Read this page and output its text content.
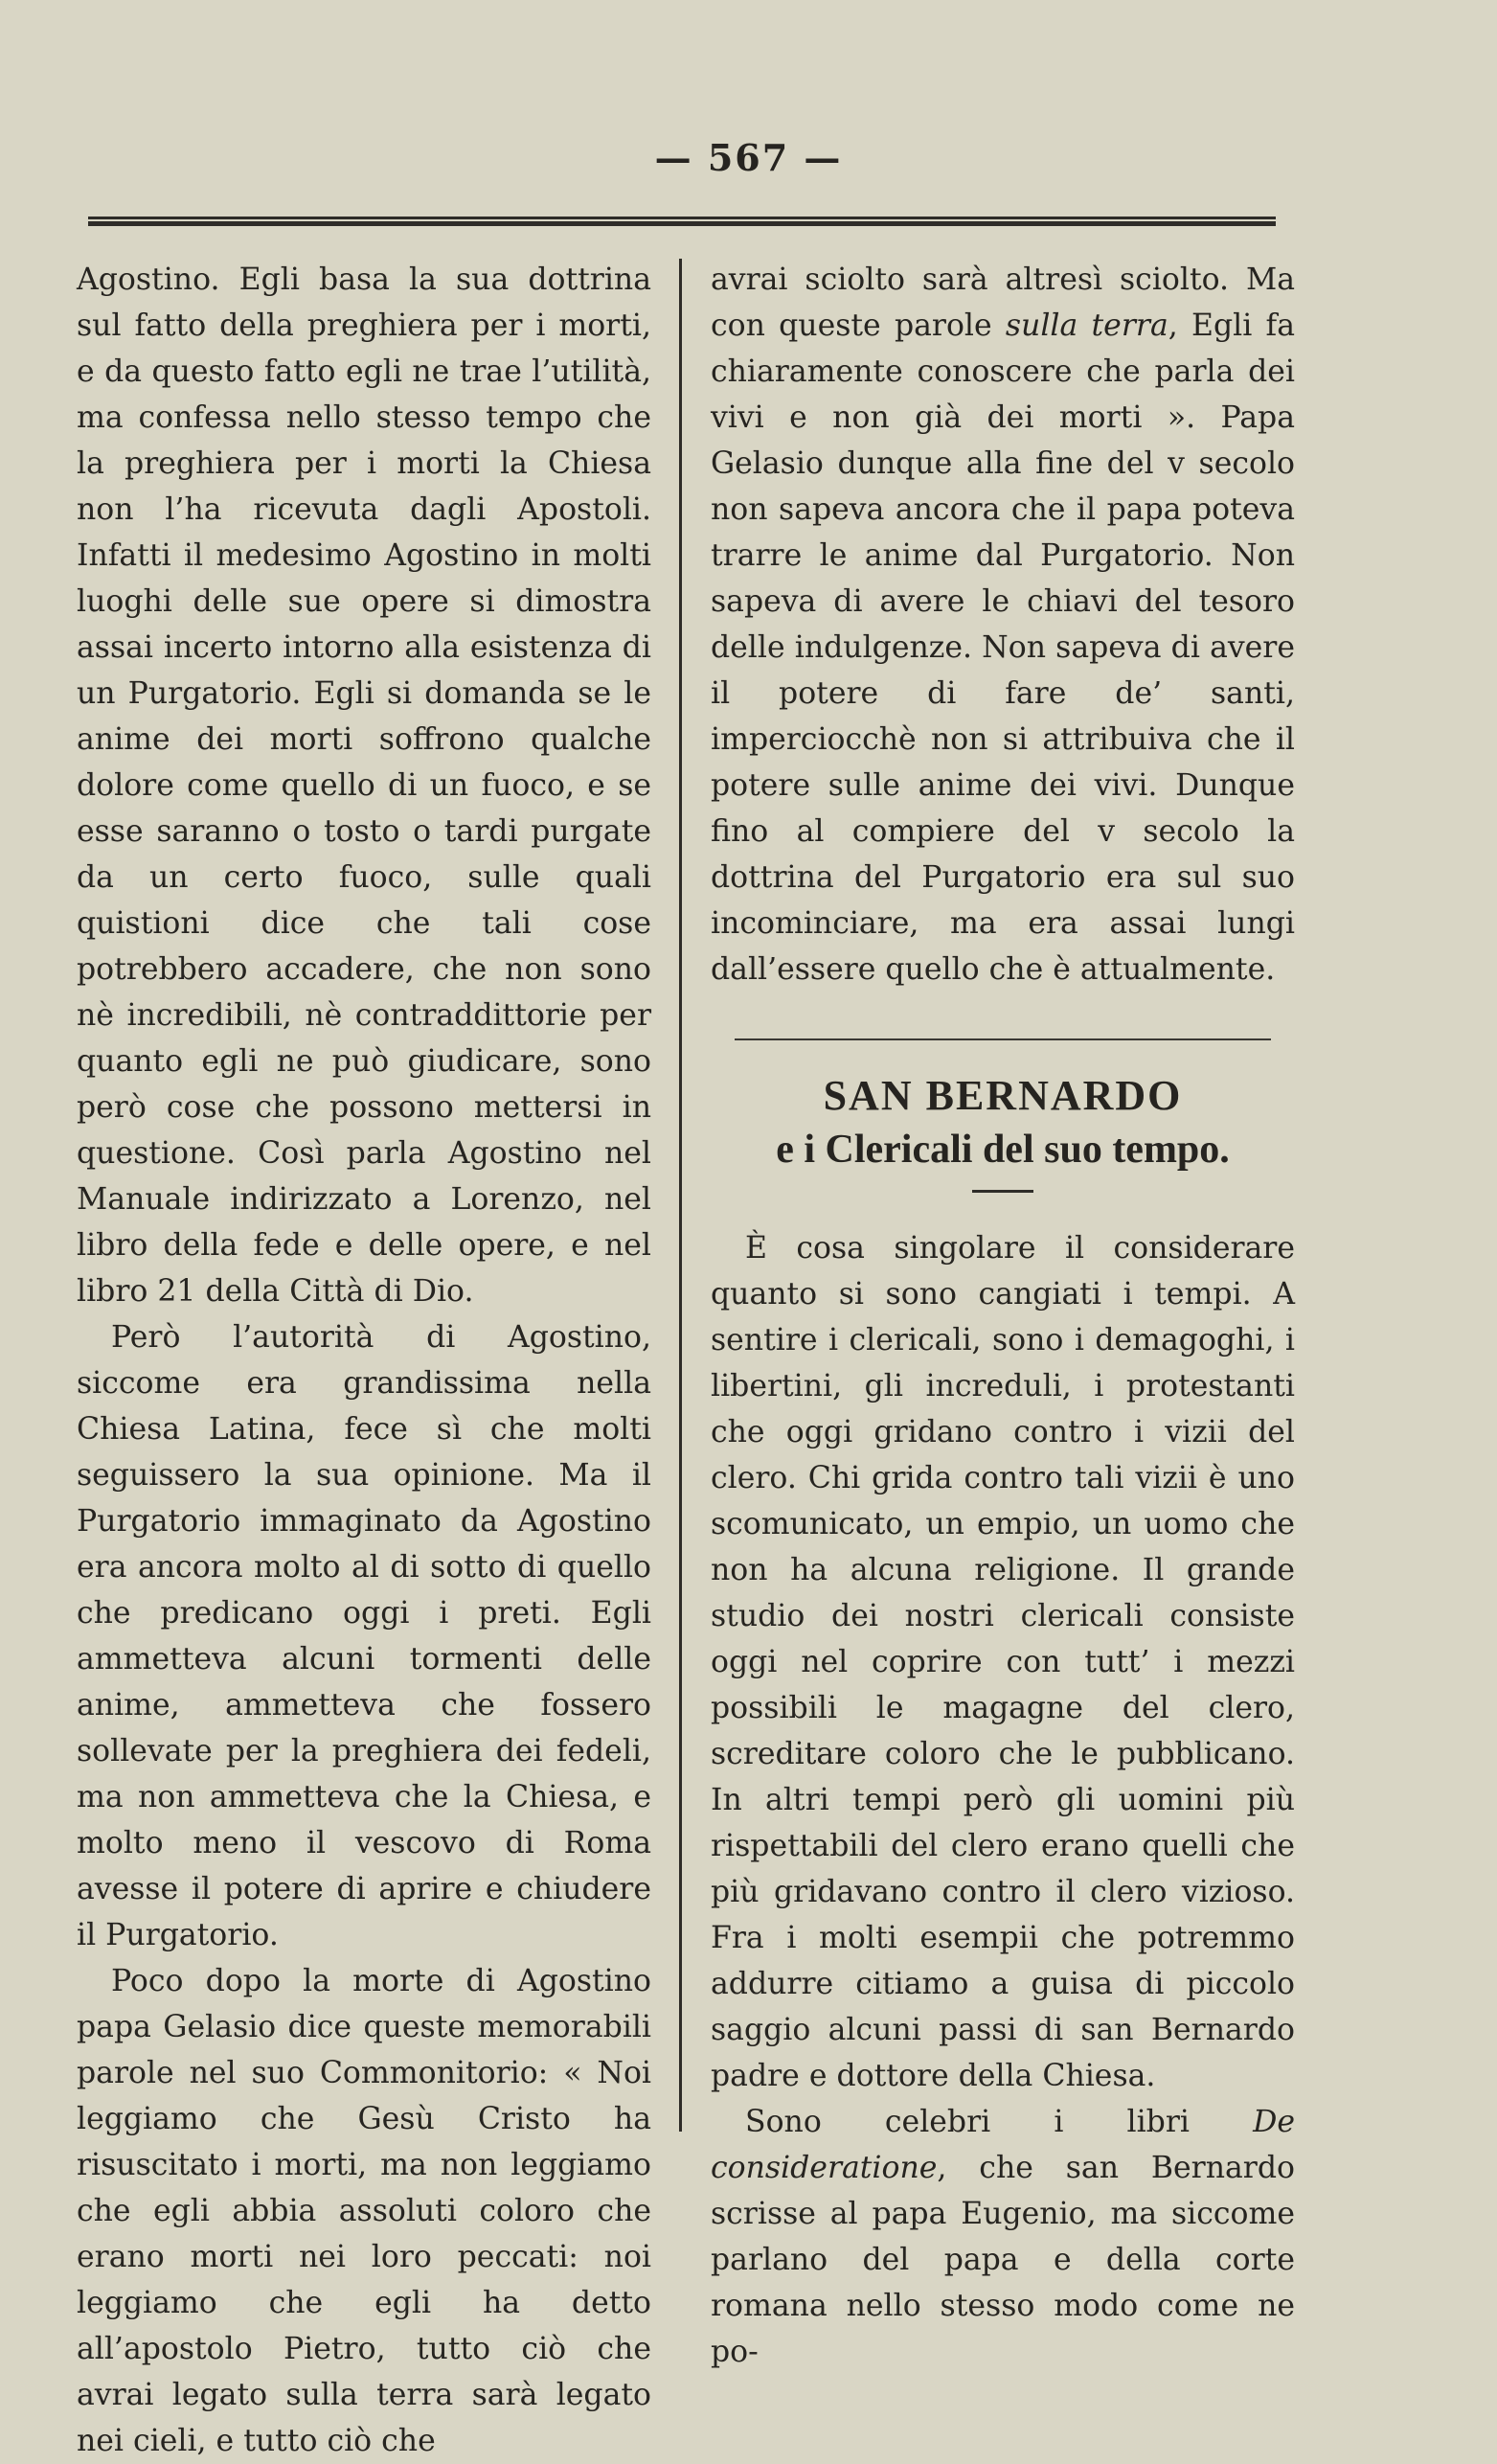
— 567 —

Agostino. Egli basa la sua dottrina sul fatto della preghiera per i morti, e da questo fatto egli ne trae l’utilità, ma confessa nello stesso tempo che la preghiera per i morti la Chiesa non l’ha ricevuta dagli Apostoli. Infatti il medesimo Agostino in molti luoghi delle sue opere si dimostra assai incerto intorno alla esistenza di un Purgatorio. Egli si domanda se le anime dei morti soffrono qualche dolore come quello di un fuoco, e se esse saranno o tosto o tardi purgate da un certo fuoco, sulle quali quistioni dice che tali cose potrebbero accadere, che non sono nè incredibili, nè contraddittorie per quanto egli ne può giudicare, sono però cose che possono mettersi in questione. Così parla Agostino nel Manuale indirizzato a Lorenzo, nel libro della fede e delle opere, e nel libro 21 della Città di Dio.

Però l’autorità di Agostino, siccome era grandissima nella Chiesa Latina, fece sì che molti seguissero la sua opinione. Ma il Purgatorio immaginato da Agostino era ancora molto al di sotto di quello che predicano oggi i preti. Egli ammetteva alcuni tormenti delle anime, ammetteva che fossero sollevate per la preghiera dei fedeli, ma non ammetteva che la Chiesa, e molto meno il vescovo di Roma avesse il potere di aprire e chiudere il Purgatorio.

Poco dopo la morte di Agostino papa Gelasio dice queste memorabili parole nel suo Commonitorio: « Noi leggiamo che Gesù Cristo ha risuscitato i morti, ma non leggiamo che egli abbia assoluti coloro che erano morti nei loro peccati: noi leggiamo che egli ha detto all’apostolo Pietro, tutto ciò che avrai legato sulla terra sarà legato nei cieli, e tutto ciò che

avrai sciolto sarà altresì sciolto. Ma con queste parole sulla terra, Egli fa chiaramente conoscere che parla dei vivi e non già dei morti ». Papa Gelasio dunque alla fine del v secolo non sapeva ancora che il papa poteva trarre le anime dal Purgatorio. Non sapeva di avere le chiavi del tesoro delle indulgenze. Non sapeva di avere il potere di fare de’ santi, imperciocchè non si attribuiva che il potere sulle anime dei vivi. Dunque fino al compiere del v secolo la dottrina del Purgatorio era sul suo incominciare, ma era assai lungi dall’essere quello che è attualmente.

SAN BERNARDO
e i Clericali del suo tempo.

È cosa singolare il considerare quanto si sono cangiati i tempi. A sentire i clericali, sono i demagoghi, i libertini, gli increduli, i protestanti che oggi gridano contro i vizii del clero. Chi grida contro tali vizii è uno scomunicato, un empio, un uomo che non ha alcuna religione. Il grande studio dei nostri clericali consiste oggi nel coprire con tutt’ i mezzi possibili le magagne del clero, screditare coloro che le pubblicano. In altri tempi però gli uomini più rispettabili del clero erano quelli che più gridavano contro il clero vizioso. Fra i molti esempii che potremmo addurre citiamo a guisa di piccolo saggio alcuni passi di san Bernardo padre e dottore della Chiesa.

Sono celebri i libri De consideratione, che san Bernardo scrisse al papa Eugenio, ma siccome parlano del papa e della corte romana nello stesso modo come ne po-
